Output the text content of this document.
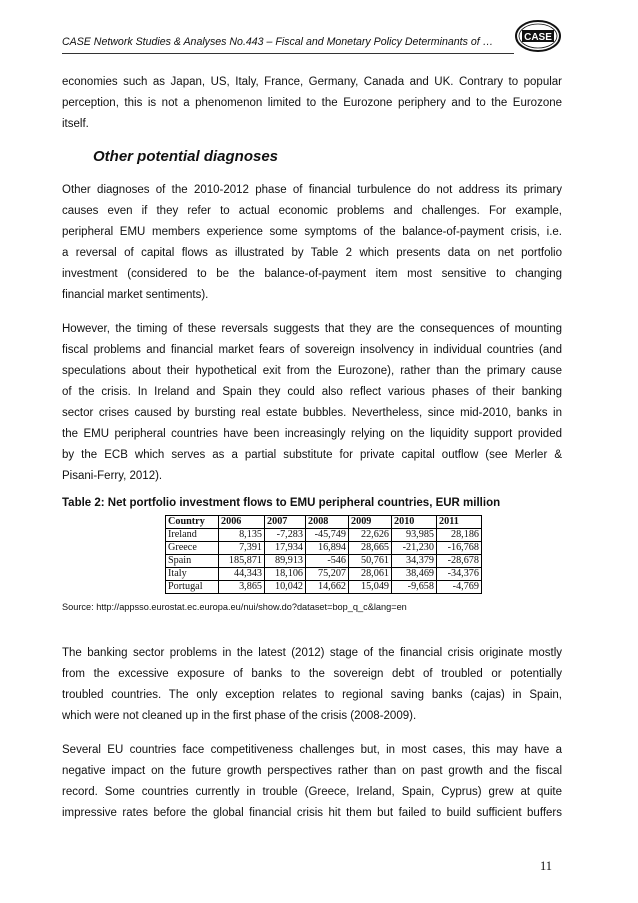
CASE Network Studies & Analyses No.443 – Fiscal and Monetary Policy Determinants of …	CASE
economies such as Japan, US, Italy, France, Germany, Canada and UK. Contrary to popular
perception, this is not a phenomenon limited to the Eurozone periphery and to the Eurozone
itself.
Other potential diagnoses
Other diagnoses of the 2010-2012 phase of financial turbulence do not address its primary
causes even if they refer to actual economic problems and challenges. For example,
peripheral EMU members experience some symptoms of the balance-of-payment crisis, i.e.
a reversal of capital flows as illustrated by Table 2 which presents data on net portfolio
investment (considered to be the balance-of-payment item most sensitive to changing
financial market sentiments).
However, the timing of these reversals suggests that they are the consequences of mounting
fiscal problems and financial market fears of sovereign insolvency in individual countries (and
speculations about their hypothetical exit from the Eurozone), rather than the primary cause
of the crisis. In Ireland and Spain they could also reflect various phases of their banking
sector crises caused by bursting real estate bubbles. Nevertheless, since mid-2010, banks in
the EMU peripheral countries have been increasingly relying on the liquidity support provided
by the ECB which serves as a partial substitute for private capital outflow (see Merler &
Pisani-Ferry, 2012).
Table 2: Net portfolio investment flows to EMU peripheral countries, EUR million
Country	2006	2007	2008	2009	2010	2011
Ireland	8,135	-7,283	-45,749	22,626	93,985	28,186
Greece	7,391	17,934	16,894	28,665	-21,230	-16,768
Spain	185,871	89,913	-546	50,761	34,379	-28,678
Italy	44,343	18,106	75,207	28,061	38,469	-34,376
Portugal	3,865	10,042	14,662	15,049	-9,658	-4,769
Source: http://appsso.eurostat.ec.europa.eu/nui/show.do?dataset=bop_q_c&lang=en
The banking sector problems in the latest (2012) stage of the financial crisis originate mostly
from the excessive exposure of banks to the sovereign debt of troubled or potentially
troubled countries. The only exception relates to regional saving banks (cajas) in Spain,
which were not cleaned up in the first phase of the crisis (2008-2009).
Several EU countries face competitiveness challenges but, in most cases, this may have a
negative impact on the future growth perspectives rather than on past growth and the fiscal
record. Some countries currently in trouble (Greece, Ireland, Spain, Cyprus) grew at quite
impressive rates before the global financial crisis hit them but failed to build sufficient buffers
11
